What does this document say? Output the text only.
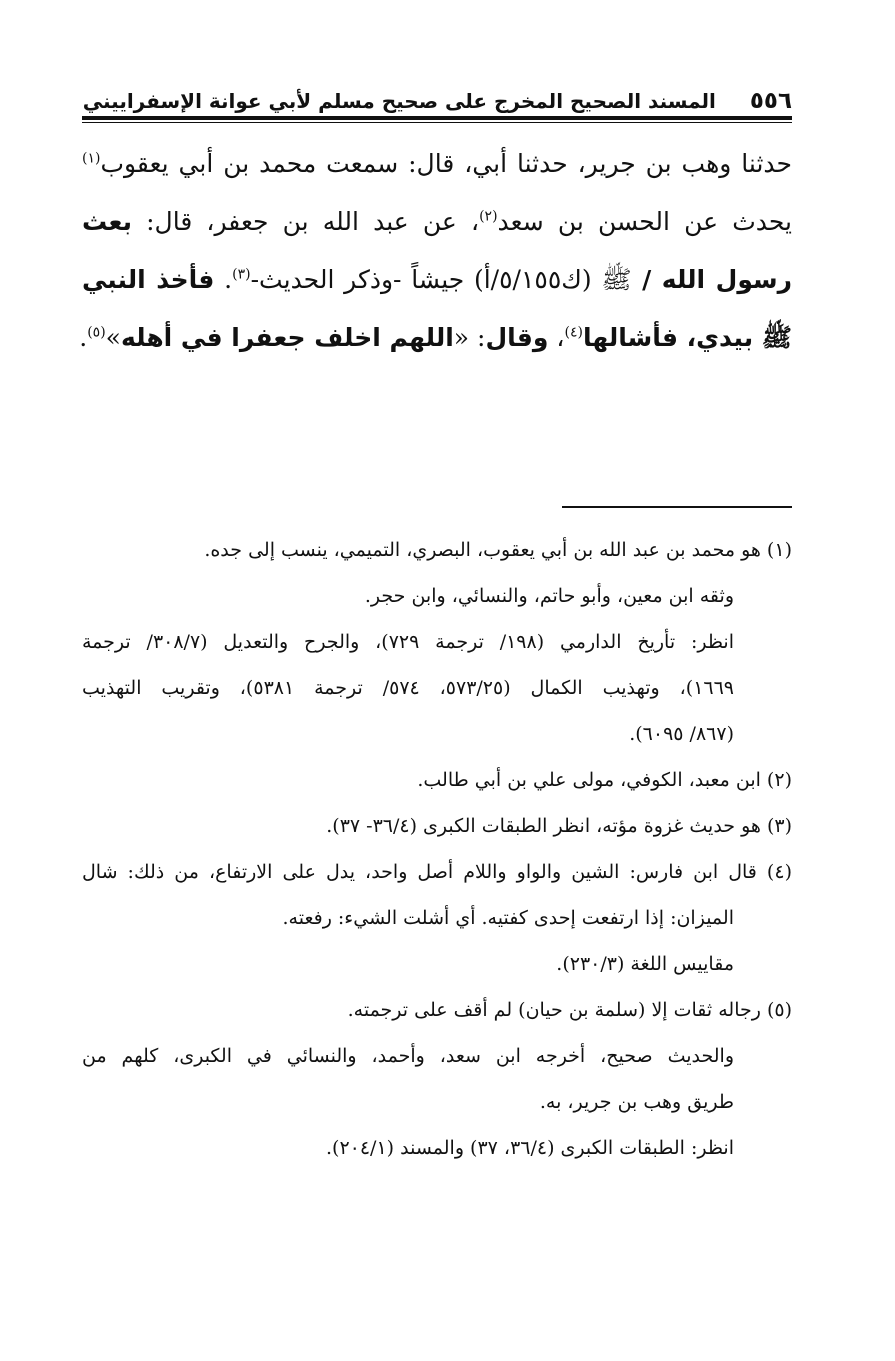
٥٥٦
المسند الصحيح المخرج على صحيح مسلم لأبي عوانة الإسفراييني
حدثنا وهب بن جرير، حدثنا أبي، قال: سمعت محمد بن أبي يعقوب$^{(١)}$
يحدث عن الحسن بن سعد$^{(٢)}$، عن عبد الله بن جعفر، قال: بعث
رسول الله / ﷺ (ك٥/١٥٥/أ) جيشاً -وذكر الحديث-$^{(٣)}$. فأخذ النبي
ﷺ بيدي، فأشالها$^{(٤)}$، وقال: «اللهم اخلف جعفرا في أهله»$^{(٥)}$.
(١) هو محمد بن عبد الله بن أبي يعقوب، البصري، التميمي، ينسب إلى جده.
وثقه ابن معين، وأبو حاتم، والنسائي، وابن حجر.
انظر: تأريخ الدارمي (١٩٨/ ترجمة ٧٢٩)، والجرح والتعديل (٣٠٨/٧/ ترجمة
١٦٦٩)، وتهذيب الكمال (٥٧٣/٢٥، ٥٧٤/ ترجمة ٥٣٨١)، وتقريب التهذيب
(٨٦٧/ ٦٠٩٥).
(٢) ابن معبد، الكوفي، مولى علي بن أبي طالب.
(٣) هو حديث غزوة مؤته، انظر الطبقات الكبرى (٣٦/٤- ٣٧).
(٤) قال ابن فارس: الشين والواو واللام أصل واحد، يدل على الارتفاع، من ذلك: شال
الميزان: إذا ارتفعت إحدى كفتيه. أي أشلت الشيء: رفعته.
مقاييس اللغة (٢٣٠/٣).
(٥) رجاله ثقات إلا (سلمة بن حيان) لم أقف على ترجمته.
والحديث صحيح، أخرجه ابن سعد، وأحمد، والنسائي في الكبرى، كلهم من
طريق وهب بن جرير، به.
انظر: الطبقات الكبرى (٣٦/٤، ٣٧) والمسند (٢٠٤/١).
